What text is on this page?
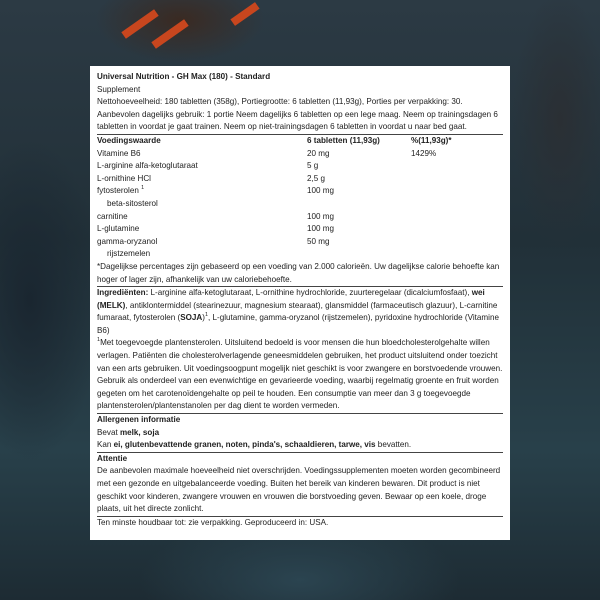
Universal Nutrition - GH Max (180) - Standard
Supplement
Nettohoeveelheid: 180 tabletten (358g), Portiegrootte: 6 tabletten (11,93g), Porties per verpakking: 30.
Aanbevolen dagelijks gebruik: 1 portie Neem dagelijks 6 tabletten op een lege maag. Neem op trainingsdagen 6 tabletten in voordat je gaat trainen. Neem op niet-trainingsdagen 6 tabletten in voordat u naar bed gaat.
Voedingswaarde	6 tabletten (11,93g)	%(11,93g)*
Vitamine B6	20 mg	1429%
L-arginine alfa-ketoglutaraat	5 g
L-ornithine HCl	2,5 g
fytosterolen $^1$	100 mg
beta-sitosterol
carnitine	100 mg
L-glutamine	100 mg
gamma-oryzanol	50 mg
rijstzemelen
*Dagelijkse percentages zijn gebaseerd op een voeding van 2.000 calorieën. Uw dagelijkse calorie behoefte kan hoger of lager zijn, afhankelijk van uw caloriebehoefte.
Ingrediënten: L-arginine alfa-ketoglutaraat, L-ornithine hydrochloride, zuurteregelaar (dicalciumfosfaat), wei (MELK), antiklontermiddel (stearinezuur, magnesium stearaat), glansmiddel (farmaceutisch glazuur), L-carnitine fumaraat, fytosterolen (SOJA)$^1$, L-glutamine, gamma-oryzanol (rijstzemelen), pyridoxine hydrochloride (Vitamine B6)
$^1$Met toegevoegde plantensterolen. Uitsluitend bedoeld is voor mensen die hun bloedcholesterolgehalte willen verlagen. Patiënten die cholesterolverlagende geneesmiddelen gebruiken, het product uitsluitend onder toezicht van een arts gebruiken. Uit voedingsoogpunt mogelijk niet geschikt is voor zwangere en borstvoedende vrouwen. Gebruik als onderdeel van een evenwichtige en gevarieerde voeding, waarbij regelmatig groente en fruit worden gegeten om het carotenoïdengehalte op peil te houden. Een consumptie van meer dan 3 g toegevoegde plantensterolen/plantenstanolen per dag dient te worden vermeden.
Allergenen informatie
Bevat melk, soja
Kan ei, glutenbevattende granen, noten, pinda's, schaaldieren, tarwe, vis bevatten.
Attentie
De aanbevolen maximale hoeveelheid niet overschrijden. Voedingssupplementen moeten worden gecombineerd met een gezonde en uitgebalanceerde voeding. Buiten het bereik van kinderen bewaren. Dit product is niet geschikt voor kinderen, zwangere vrouwen en vrouwen die borstvoeding geven. Bewaar op een koele, droge plaats, uit het directe zonlicht.
Ten minste houdbaar tot: zie verpakking. Geproduceerd in: USA.
